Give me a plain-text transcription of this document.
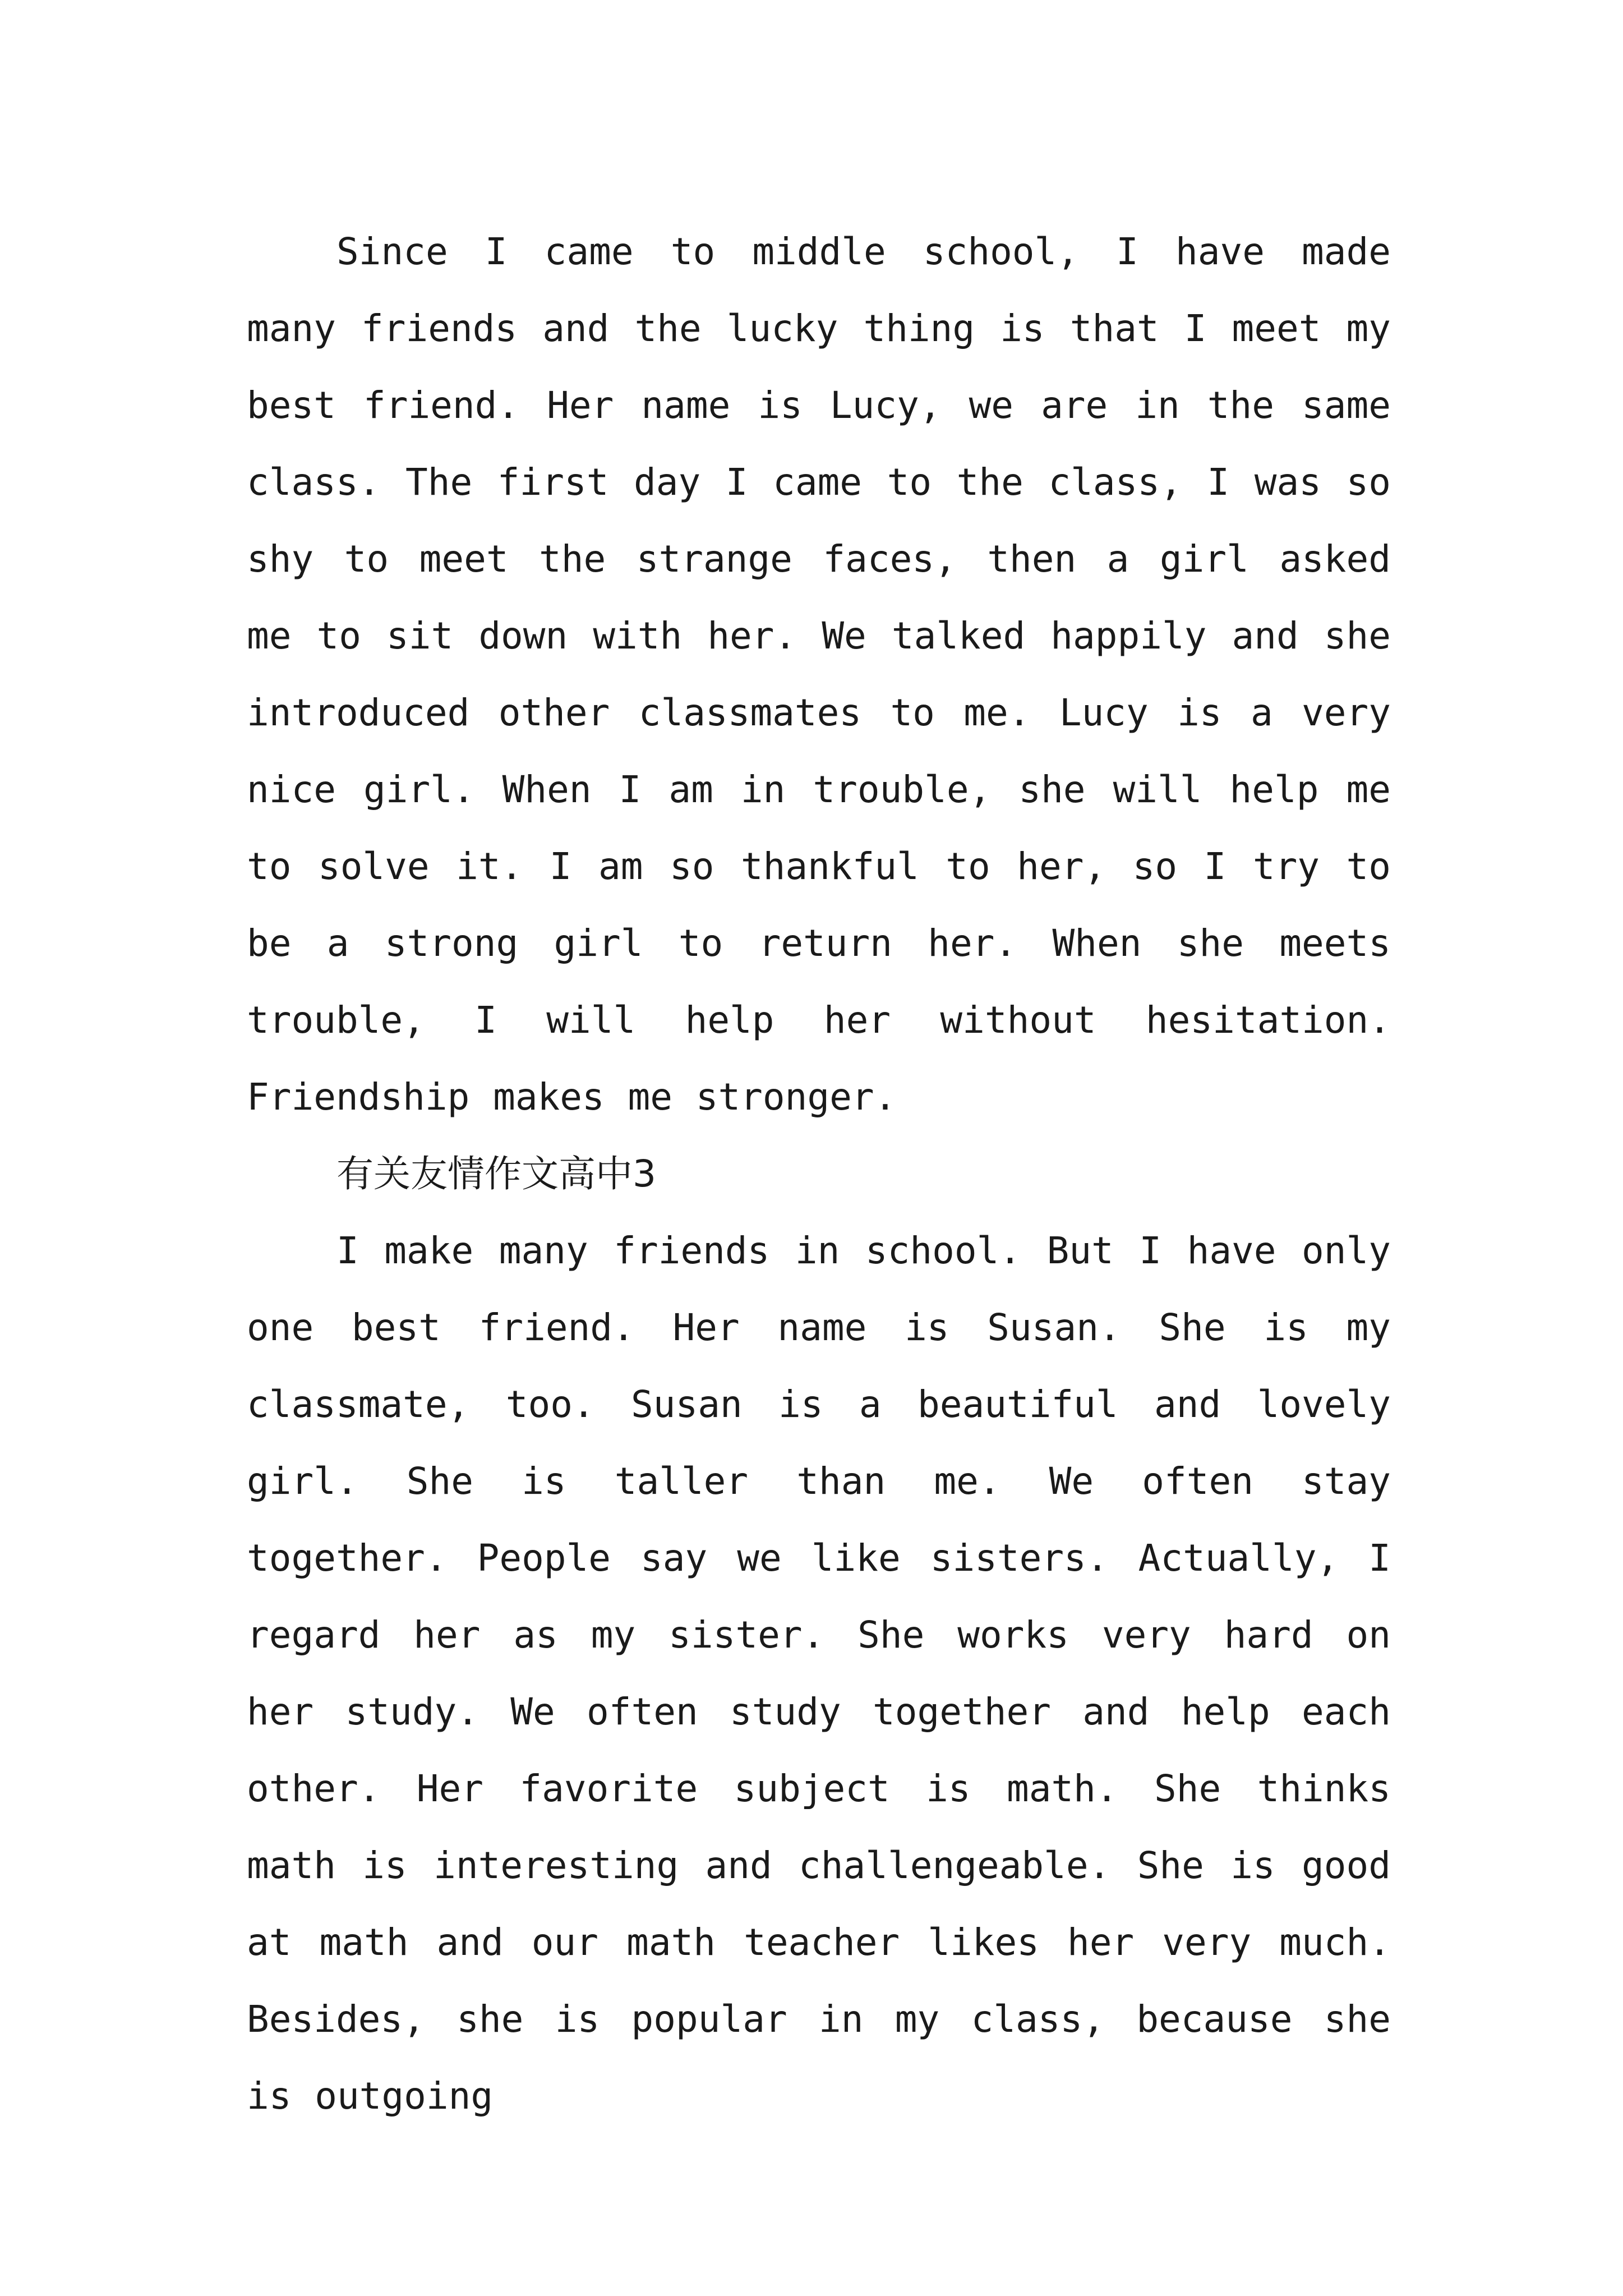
Since I came to middle school, I have made many friends and the lucky thing is that I meet my best friend. Her name is Lucy, we are in the same class. The first day I came to the class, I was so shy to meet the strange faces, then a girl asked me to sit down with her. We talked happily and she introduced other classmates to me. Lucy is a very nice girl. When I am in trouble, she will help me to solve it. I am so thankful to her, so I try to be a strong girl to return her. When she meets trouble, I will help her without hesitation. Friendship makes me stronger.

有关友情作文高中3

I make many friends in school. But I have only one best friend. Her name is Susan. She is my classmate, too. Susan is a beautiful and lovely girl. She is taller than me. We often stay together. People say we like sisters. Actually, I regard her as my sister. She works very hard on her study. We often study together and help each other. Her favorite subject is math. She thinks math is interesting and challengeable. She is good at math and our math teacher likes her very much. Besides, she is popular in my class, because she is outgoing
